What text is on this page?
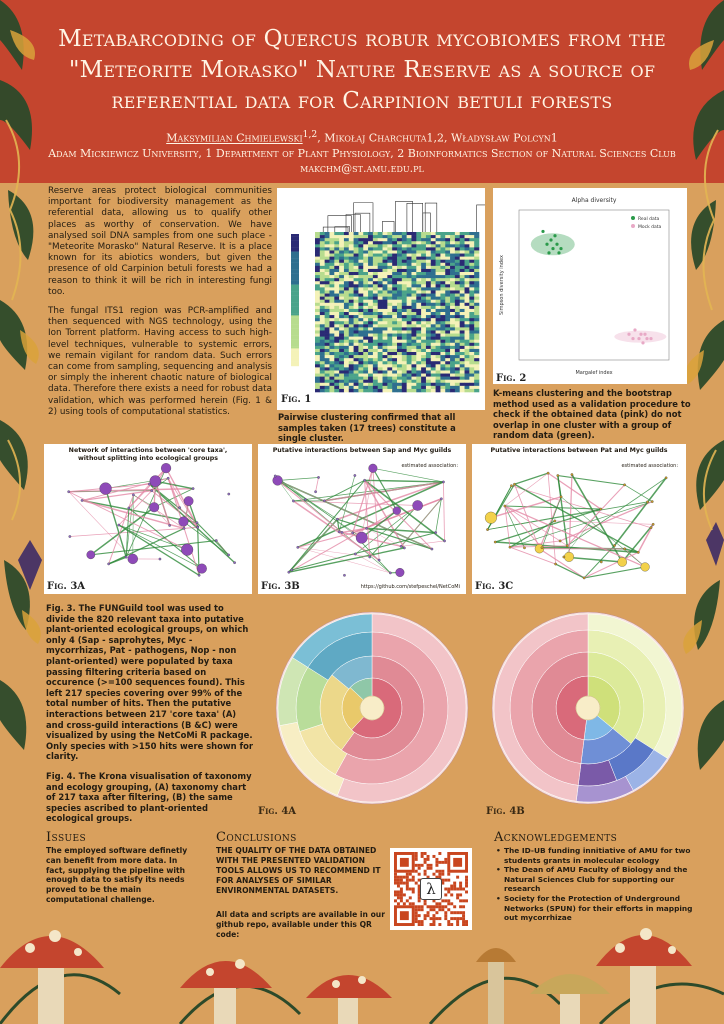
Metabarcoding of Quercus robur mycobiomes from the "Meteorite Morasko" Nature Reserve as a source of referential data for Carpinion betuli forests
Maksymilian Chmielewski$^{1,2}$, Mikołaj Charchuta1,2, Władysław Polcyn1
Adam Mickiewicz University, 1 Department of Plant Physiology, 2 Bioinformatics Section of Natural Sciences Club
makchm@st.amu.edu.pl
Reserve areas protect biological communities important for biodiversity management as the referential data, allowing us to qualify other places as worthy of conservation. We have analysed soil DNA samples from one such place - "Meteorite Morasko" Natural Reserve. It is a place known for its abiotics wonders, but given the presence of old Carpinion betuli forests we had a reason to think it will be rich in interesting fungi too.
The fungal ITS1 region was PCR-amplified and then sequenced with NGS technology, using the Ion Torrent platform. Having access to such high-level techniques, vulnerable to systemic errors, we remain vigilant for random data. Such errors can come from sampling, sequencing and analysis or simply the inherent chaotic nature of biological data. Therefore there exists a need for robust data validation, which was performed herein (Fig. 1 & 2) using tools of computational statistics.
Fig. 1
Pairwise clustering confirmed that all samples taken (17 trees) constitute a single cluster.
Alpha diversity
Margalef index
Simpson diversity index
Real data
Mock data
Fig. 2
K-means clustering and the bootstrap method used as a validation procedure to check if the obtained data (pink) do not overlap in one cluster with a group of random data (green).
Network of interactions between 'core taxa', without splitting into ecological groups
Fig. 3A
Putative interactions between Sap and Myc guilds
estimated association:
https://github.com/stefpeschel/NetCoMi
Fig. 3B
Putative interactions between Pat and Myc guilds
estimated association:
Fig. 3C
Fig. 3. The FUNGuild tool was used to divide the 820 relevant taxa into putative plant-oriented ecological groups, on which only 4 (Sap - saprohytes, Myc - mycorrhizas, Pat - pathogens, Nop - non plant-oriented) were populated by taxa passing filtering criteria based on occurence (>=100 sequences found). This left 217 species covering over 99% of the total number of hits. Then the putative interactions between 217 'core taxa' (A) and cross-guild interactions (B &C) were visualized by using the NetCoMi R package. Only species with >150 hits were shown for clarity.
Fig. 4. The Krona visualisation of taxonomy and ecology grouping, (A) taxonomy chart of 217 taxa after filtering, (B) the same species ascribed to plant-oriented ecological groups.
Fig. 4A	Fig. 4B
Issues
The employed software definetly can benefit from more data. In fact, supplying the pipeline with enough data to satisfy its needs proved to be the main computational challenge.
Conclusions
THE QUALITY OF THE DATA OBTAINED WITH THE PRESENTED VALIDATION TOOLS ALLOWS US TO RECOMMEND IT FOR ANALYSES OF SIMILAR ENVIRONMENTAL DATASETS.
All data and scripts are available in our github repo, available under this QR code:
λ
Acknowledgements
• The ID-UB funding innitiative of AMU for two students grants in molecular ecology
• The Dean of AMU Faculty of Biology and the Natural Sciences Club for supporting our research
• Society for the Protection of Underground Networks (SPUN) for their efforts in mapping out mycorrhizae
